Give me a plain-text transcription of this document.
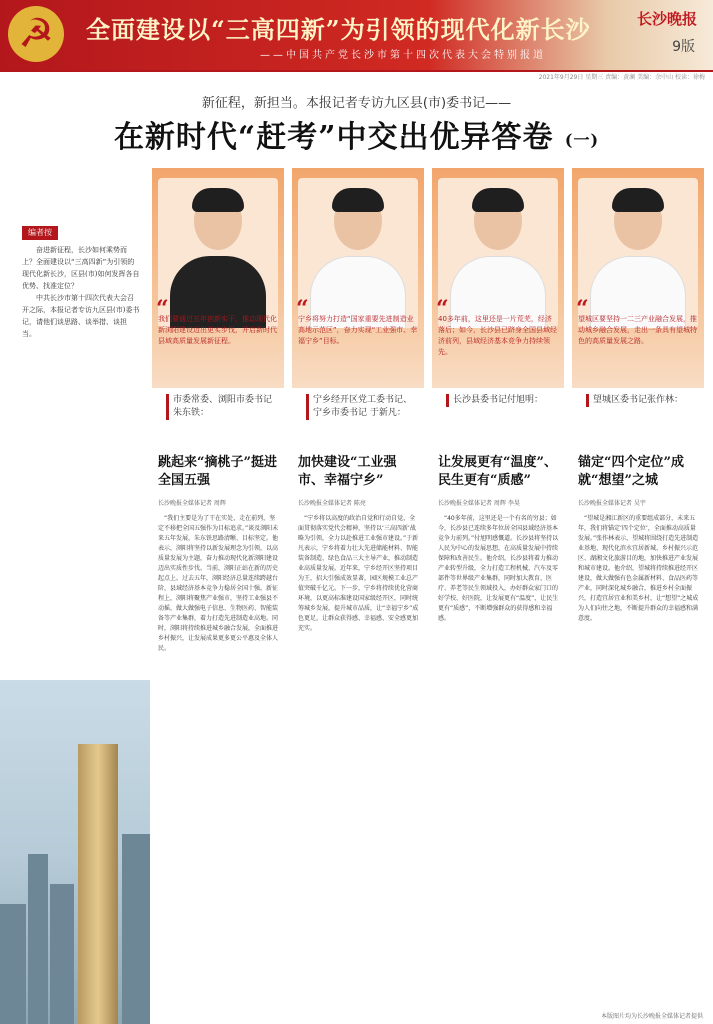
☭	全面建设以“三高四新”为引领的现代化新长沙
——中国共产党长沙市第十四次代表大会特别报道
长沙晚报
9版
2021年9月29日 星期三 责编：黄澜 美编：余中山 校读：徐梅
新征程，新担当。本报记者专访九区县(市)委书记——
在新时代“赶考”中交出优异答卷 (一)
编者按

奋进新征程，长沙如何乘势而上？全面建设以“三高四新”为引领的现代化新长沙，区县(市)如何发挥各自优势、找准定位？

中共长沙市第十四次代表大会召开之际，本报记者专访九区县(市)委书记，请他们谈思路、谈举措、谈担当。

“
我们要通过五年创新实干，推动现代化新浏阳建设迈出更实步伐，开启新时代县域高质量发展新征程。
市委常委、浏阳市委书记朱东铁：
跳起来“摘桃子”挺进全国五强
长沙晚报全媒体记者 周辉
“我们主要是为了干在实处、走在前列，坚定不移把全国五强作为目标追求。”谈及浏阳未来五年发展，朱东铁思路清晰、目标坚定。他表示，浏阳将坚持以新发展理念为引领，以高质量发展为主题，奋力推动现代化新浏阳建设迈出实质性步伐。当前，浏阳正站在新的历史起点上。过去五年，浏阳经济总量连续跨越台阶，县域经济基本竞争力稳居全国十强。新征程上，浏阳将聚焦产业强市，坚持工业强县不动摇，做大做强电子信息、生物医药、智能装备等产业集群，着力打造先进制造业高地。同时，浏阳将持续推进城乡融合发展，全面推进乡村振兴，让发展成果更多更公平惠及全体人民。
“
宁乡将努力打造“国家重要先进制造业高地示范区”，奋力实现“工业强市、幸福宁乡”目标。
宁乡经开区党工委书记、宁乡市委书记 于新凡：
加快建设“工业强市、幸福宁乡”
长沙晚报全媒体记者 陈亮
“宁乡将以高度的政治自觉和行动自觉，全面贯彻落实党代会精神，坚持以‘三高四新’战略为引领，全力以赴推进工业强市建设。”于新凡表示，宁乡将着力壮大先进储能材料、智能装备制造、绿色食品三大主导产业，推动制造业高质量发展。近年来，宁乡经开区坚持项目为王，招大引强成效显著，园区规模工业总产值突破千亿元。下一步，宁乡将持续优化营商环境，以更高标准建设国家级经开区，同时统筹城乡发展，提升城市品质，让“幸福宁乡”成色更足，让群众获得感、幸福感、安全感更加充实。
“
40多年前，这里还是一片荒芜，经济落后；如今，长沙县已跻身全国县域经济前列，县域经济基本竞争力持续领先。
长沙县委书记付旭明：
让发展更有“温度”、民生更有“质感”
长沙晚报全媒体记者 周辉 李昊
“40多年前，这里还是一个有名的穷县；如今，长沙县已连续多年位居全国县域经济基本竞争力前列。”付旭明感慨道。长沙县将坚持以人民为中心的发展思想，在高质量发展中持续保障和改善民生。他介绍，长沙县将着力推动产业转型升级，全力打造工程机械、汽车及零部件等世界级产业集群，同时加大教育、医疗、养老等民生领域投入，办好群众家门口的好学校、好医院，让发展更有“温度”，让民生更有“质感”，不断增强群众的获得感和幸福感。
“
望城区要坚持一二三产业融合发展，推动城乡融合发展，走出一条具有望城特色的高质量发展之路。
望城区委书记张作林：
锚定“四个定位”成就“想望”之城
长沙晚报全媒体记者 吴宇
“望城是湘江新区的重要组成部分，未来五年，我们将锚定‘四个定位’，全面推动高质量发展。”张作林表示，望城将围绕打造先进制造业基地、现代化滨水宜居新城、乡村振兴示范区、湖湘文化旅游目的地，加快推进产业发展和城市建设。他介绍，望城将持续推进经开区建设，做大做强有色金属新材料、食品医药等产业，同时深化城乡融合，推进乡村全面振兴，打造宜居宜业和美乡村，让“想望”之城成为人们向往之地，不断提升群众的幸福感和满意度。
本版图片均为长沙晚报全媒体记者提供
